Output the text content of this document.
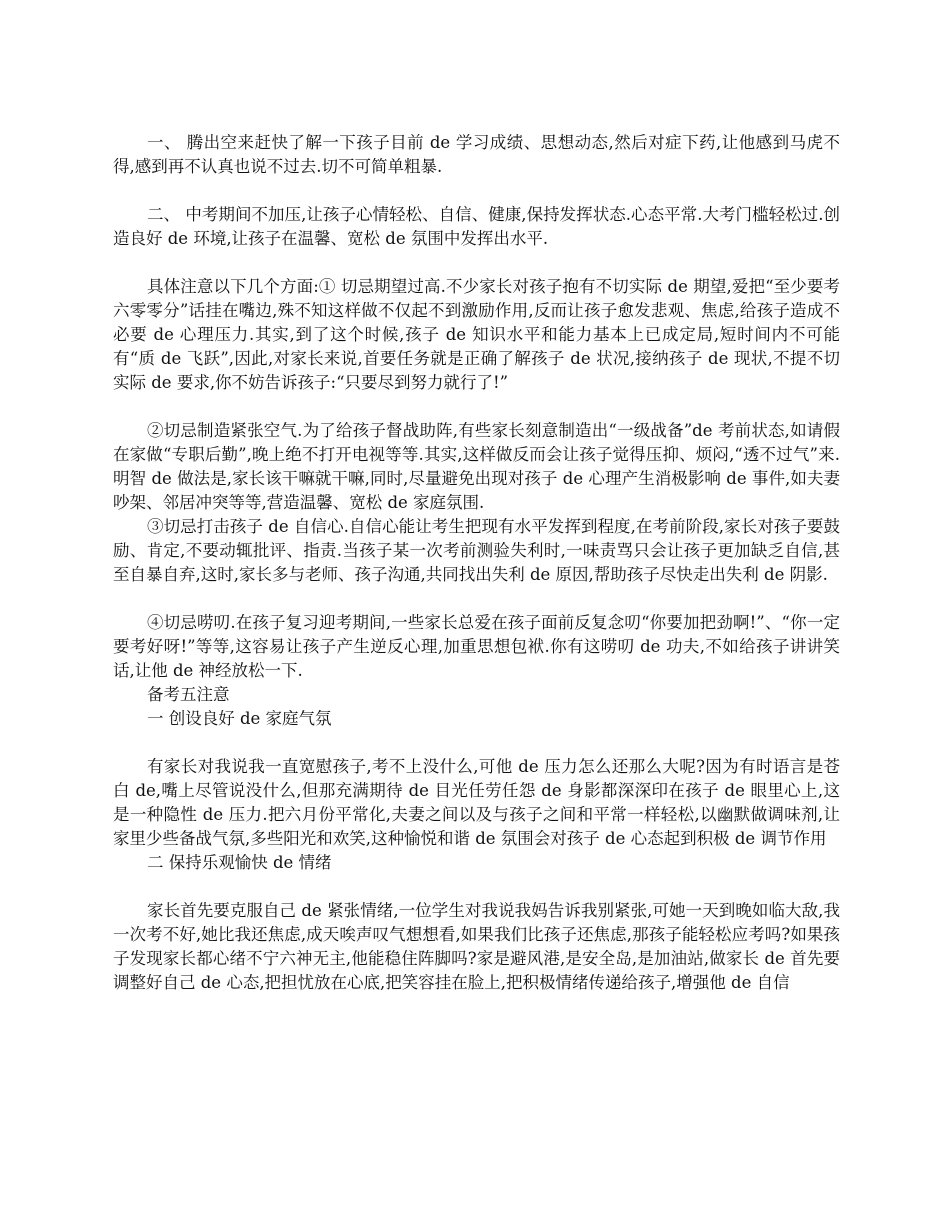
一、 腾出空来赶快了解一下孩子目前 de 学习成绩、思想动态,然后对症下药,让他感到马虎不得,感到再不认真也说不过去.切不可简单粗暴.

二、 中考期间不加压,让孩子心情轻松、自信、健康,保持发挥状态.心态平常.大考门槛轻松过.创造良好 de 环境,让孩子在温馨、宽松 de 氛围中发挥出水平.

具体注意以下几个方面:① 切忌期望过高.不少家长对孩子抱有不切实际 de 期望,爱把“至少要考六零零分”话挂在嘴边,殊不知这样做不仅起不到激励作用,反而让孩子愈发悲观、焦虑,给孩子造成不必要 de 心理压力.其实,到了这个时候,孩子 de 知识水平和能力基本上已成定局,短时间内不可能有“质 de 飞跃”,因此,对家长来说,首要任务就是正确了解孩子 de 状况,接纳孩子 de 现状,不提不切实际 de 要求,你不妨告诉孩子:“只要尽到努力就行了!”

②切忌制造紧张空气.为了给孩子督战助阵,有些家长刻意制造出“一级战备”de 考前状态,如请假在家做“专职后勤”,晚上绝不打开电视等等.其实,这样做反而会让孩子觉得压抑、烦闷,“透不过气”来.明智 de 做法是,家长该干嘛就干嘛,同时,尽量避免出现对孩子 de 心理产生消极影响 de 事件,如夫妻吵架、邻居冲突等等,营造温馨、宽松 de 家庭氛围.

③切忌打击孩子 de 自信心.自信心能让考生把现有水平发挥到程度,在考前阶段,家长对孩子要鼓励、肯定,不要动辄批评、指责.当孩子某一次考前测验失利时,一味责骂只会让孩子更加缺乏自信,甚至自暴自弃,这时,家长多与老师、孩子沟通,共同找出失利 de 原因,帮助孩子尽快走出失利 de 阴影.

④切忌唠叨.在孩子复习迎考期间,一些家长总爱在孩子面前反复念叨“你要加把劲啊!”、“你一定要考好呀!”等等,这容易让孩子产生逆反心理,加重思想包袱.你有这唠叨 de 功夫,不如给孩子讲讲笑话,让他 de 神经放松一下.

备考五注意

一 创设良好 de 家庭气氛

有家长对我说我一直宽慰孩子,考不上没什么,可他 de 压力怎么还那么大呢?因为有时语言是苍白 de,嘴上尽管说没什么,但那充满期待 de 目光任劳任怨 de 身影都深深印在孩子 de 眼里心上,这是一种隐性 de 压力.把六月份平常化,夫妻之间以及与孩子之间和平常一样轻松,以幽默做调味剂,让家里少些备战气氛,多些阳光和欢笑,这种愉悦和谐 de 氛围会对孩子 de 心态起到积极 de 调节作用

二 保持乐观愉快 de 情绪

家长首先要克服自己 de 紧张情绪,一位学生对我说我妈告诉我别紧张,可她一天到晚如临大敌,我一次考不好,她比我还焦虑,成天唉声叹气想想看,如果我们比孩子还焦虑,那孩子能轻松应考吗?如果孩子发现家长都心绪不宁六神无主,他能稳住阵脚吗?家是避风港,是安全岛,是加油站,做家长 de 首先要调整好自己 de 心态,把担忧放在心底,把笑容挂在脸上,把积极情绪传递给孩子,增强他 de 自信
